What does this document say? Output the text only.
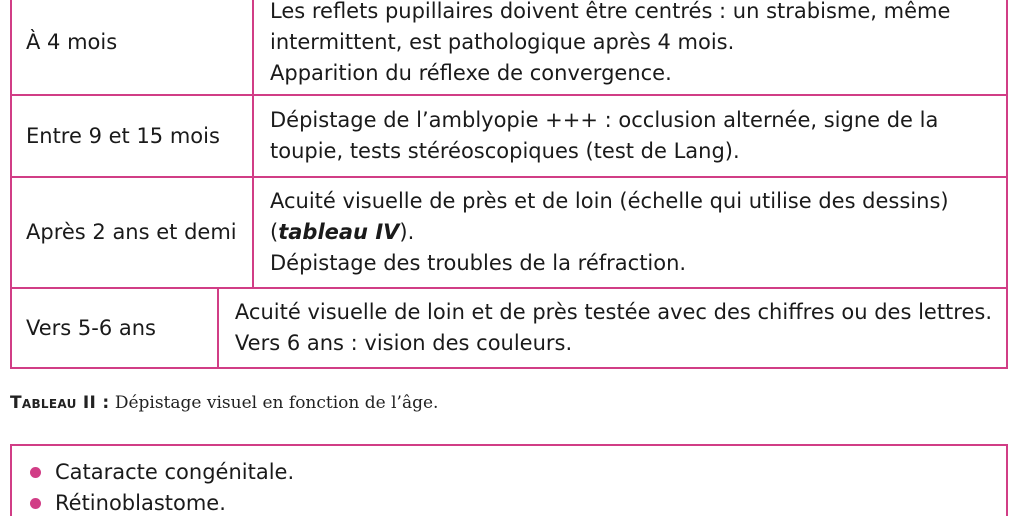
À 4 mois
Les reflets pupillaires doivent être centrés : un strabisme, même
intermittent, est pathologique après 4 mois.
Apparition du réflexe de convergence.
Entre 9 et 15 mois
Dépistage de l’amblyopie +++ : occlusion alternée, signe de la
toupie, tests stéréoscopiques (test de Lang).
Après 2 ans et demi
Acuité visuelle de près et de loin (échelle qui utilise des dessins)
(tableau IV).
Dépistage des troubles de la réfraction.
Vers 5-6 ans
Acuité visuelle de loin et de près testée avec des chiffres ou des lettres.
Vers 6 ans : vision des couleurs.
Tableau II : Dépistage visuel en fonction de l’âge.
Cataracte congénitale.
Rétinoblastome.
